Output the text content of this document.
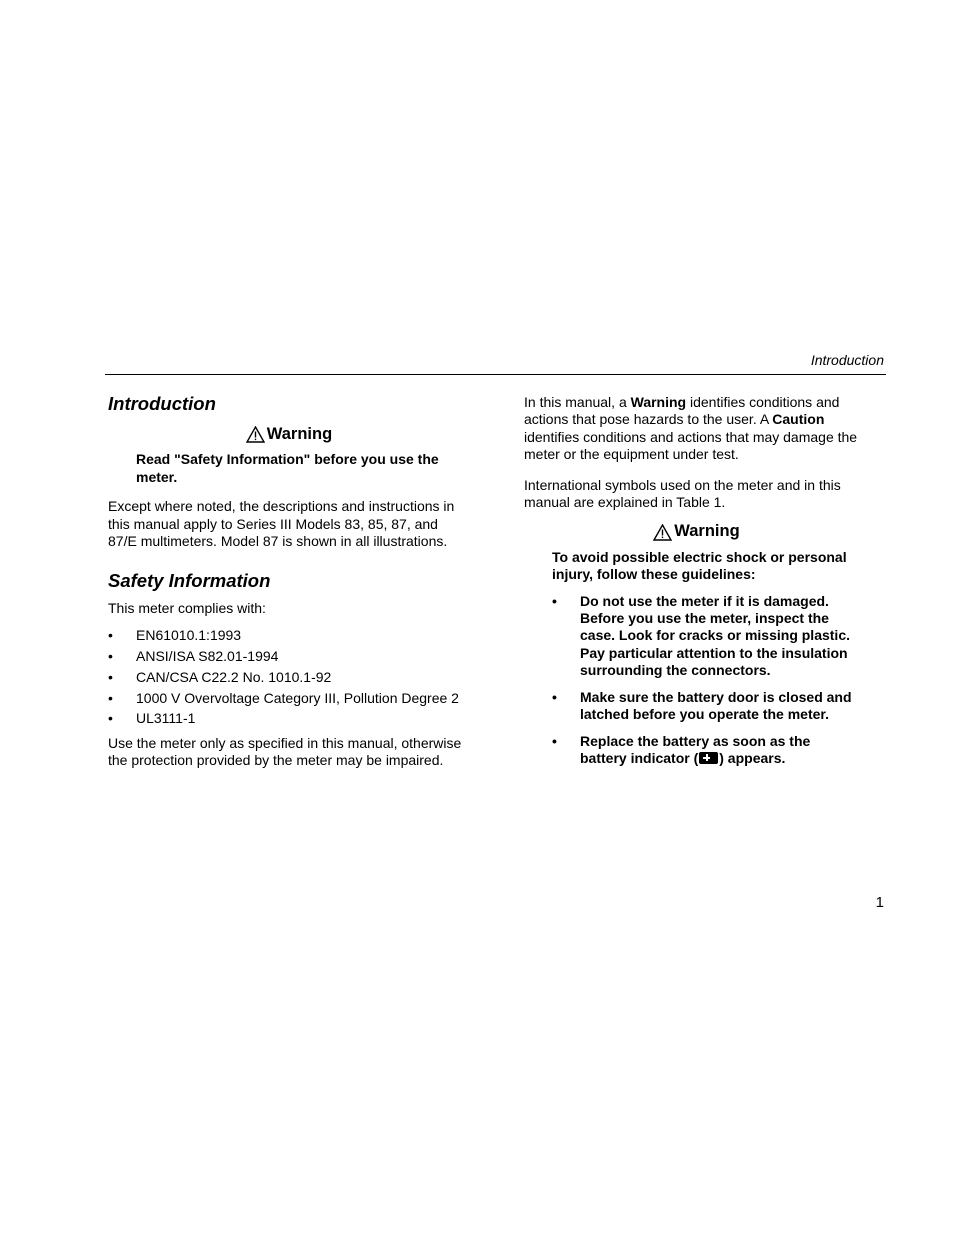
Introduction
Introduction
Warning

Read "Safety Information" before you use the meter.

Except where noted, the descriptions and instructions in this manual apply to Series III Models 83, 85, 87, and 87/E multimeters. Model 87 is shown in all illustrations.

Safety Information

This meter complies with:

• EN61010.1:1993
• ANSI/ISA S82.01-1994
• CAN/CSA C22.2 No. 1010.1-92
• 1000 V Overvoltage Category III, Pollution Degree 2
• UL3111-1

Use the meter only as specified in this manual, otherwise the protection provided by the meter may be impaired.

In this manual, a Warning identifies conditions and actions that pose hazards to the user. A Caution identifies conditions and actions that may damage the meter or the equipment under test.

International symbols used on the meter and in this manual are explained in Table 1.

Warning

To avoid possible electric shock or personal injury, follow these guidelines:

• Do not use the meter if it is damaged. Before you use the meter, inspect the case. Look for cracks or missing plastic. Pay particular attention to the insulation surrounding the connectors.
• Make sure the battery door is closed and latched before you operate the meter.
• Replace the battery as soon as the battery indicator ( ) appears.
1
